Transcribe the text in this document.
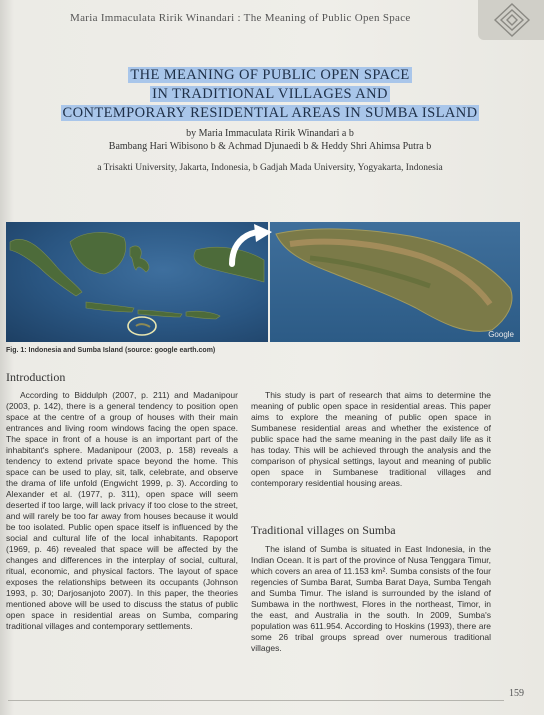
Maria Immaculata Ririk Winandari : The Meaning of Public Open Space
THE MEANING OF PUBLIC OPEN SPACE
IN TRADITIONAL VILLAGES AND
CONTEMPORARY RESIDENTIAL AREAS IN SUMBA ISLAND
by Maria Immaculata Ririk Winandari a b
Bambang Hari Wibisono b & Achmad Djunaedi b & Heddy Shri Ahimsa Putra b
a Trisakti University, Jakarta, Indonesia, b Gadjah Mada University, Yogyakarta, Indonesia
Google
Fig. 1: Indonesia and Sumba Island (source: google earth.com)
Introduction

According to Biddulph (2007, p. 211) and Madanipour (2003, p. 142), there is a general tendency to position open space at the centre of a group of houses with their main entrances and living room windows facing the open space. The space in front of a house is an important part of the inhabitant's sphere. Madanipour (2003, p. 158) reveals a tendency to extend private space beyond the home. This space can be used to play, sit, talk, celebrate, and observe the drama of life unfold (Engwicht 1999, p. 3). According to Alexander et al. (1977, p. 311), open space will seem deserted if too large, will lack privacy if too close to the street, and will rarely be too far away from houses because it would be too isolated. Public open space itself is influenced by the social and cultural life of the local inhabitants. Rapoport (1969, p. 46) revealed that space will be affected by the changes and differences in the interplay of social, cultural, ritual, economic, and physical factors. The layout of space exposes the relationships between its occupants (Johnson 1993, p. 30; Darjosanjoto 2007). In this paper, the theories mentioned above will be used to discuss the status of public open space in residential areas on Sumba, comparing traditional villages and contemporary settlements.

This study is part of research that aims to determine the meaning of public open space in residential areas. This paper aims to explore the meaning of public open space in Sumbanese residential areas and whether the existence of public space had the same meaning in the past daily life as it has today. This will be achieved through the analysis and the comparison of physical settings, layout and meaning of public open space in Sumbanese traditional villages and contemporary residential housing areas.

Traditional villages on Sumba

The island of Sumba is situated in East Indonesia, in the Indian Ocean. It is part of the province of Nusa Tenggara Timur, which covers an area of 11.153 km². Sumba consists of the four regencies of Sumba Barat, Sumba Barat Daya, Sumba Tengah and Sumba Timur. The island is surrounded by the island of Sumbawa in the northwest, Flores in the northeast, Timor, in the east, and Australia in the south. In 2009, Sumba's population was 611.954. According to Hoskins (1993), there are some 26 tribal groups spread over numerous traditional villages.

159
